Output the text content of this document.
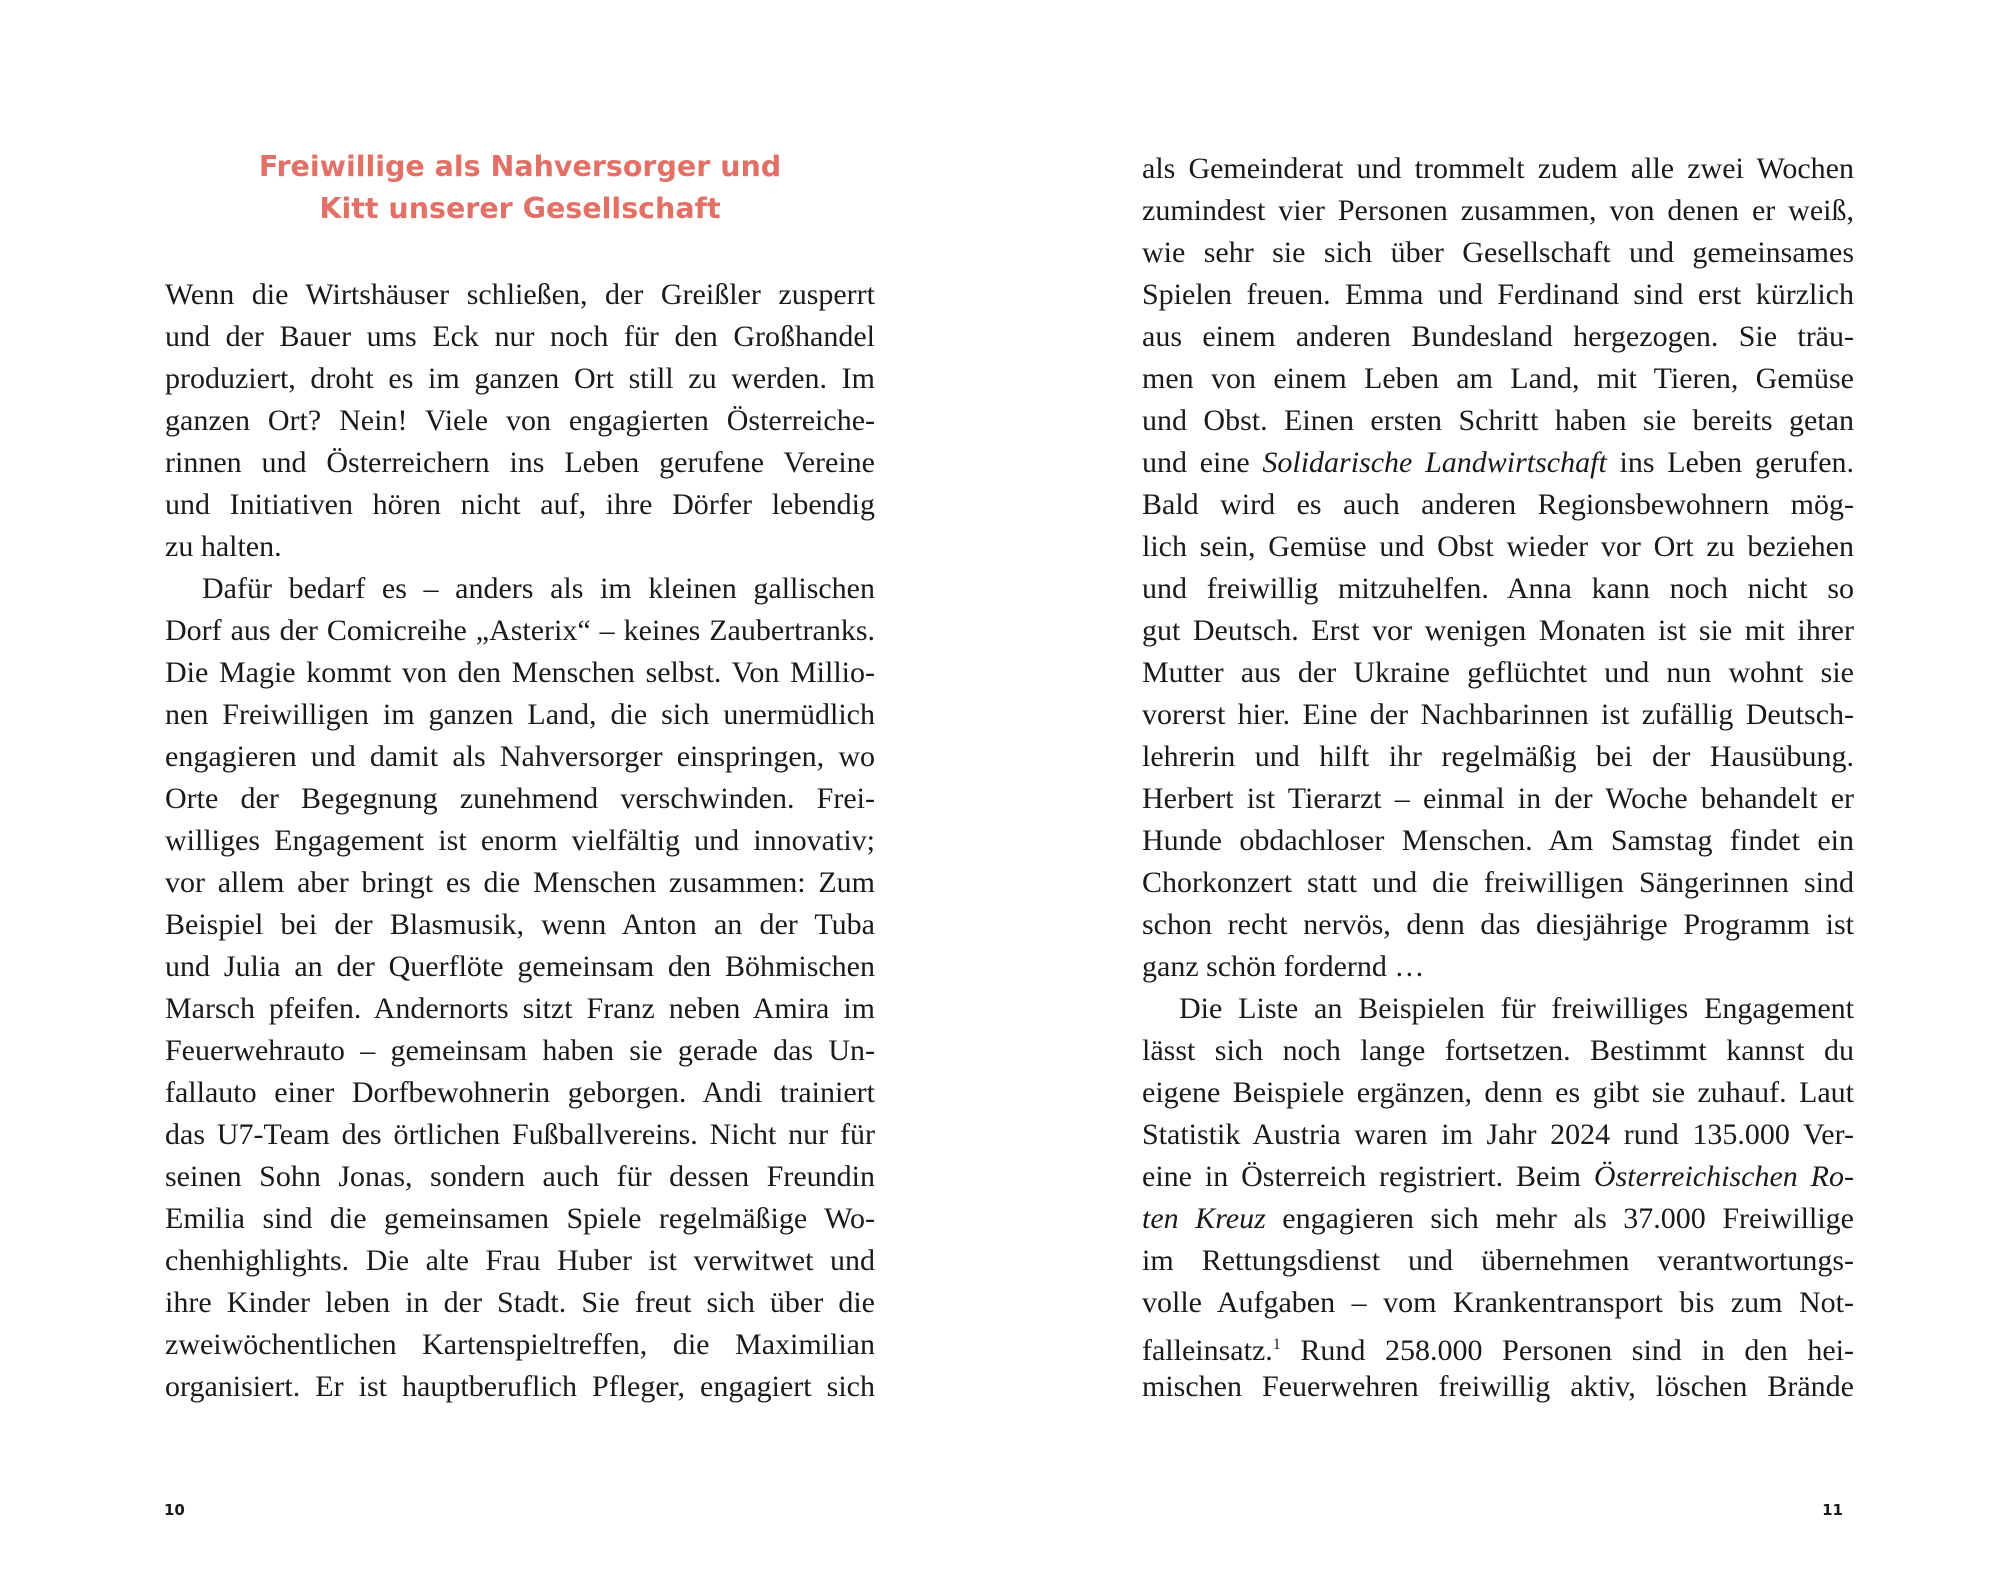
Freiwillige als Nahversorger und
Kitt unserer Gesellschaft
Wenn die Wirtshäuser schließen, der Greißler zusperrt
und der Bauer ums Eck nur noch für den Großhandel
produziert, droht es im ganzen Ort still zu werden. Im
ganzen Ort? Nein! Viele von engagierten Österreiche-
rinnen und Österreichern ins Leben gerufene Vereine
und Initiativen hören nicht auf, ihre Dörfer lebendig
zu halten.
Dafür bedarf es – anders als im kleinen gallischen
Dorf aus der Comicreihe „Asterix“ – keines Zaubertranks.
Die Magie kommt von den Menschen selbst. Von Millio-
nen Freiwilligen im ganzen Land, die sich unermüdlich
engagieren und damit als Nahversorger einspringen, wo
Orte der Begegnung zunehmend verschwinden. Frei-
williges Engagement ist enorm vielfältig und innovativ;
vor allem aber bringt es die Menschen zusammen: Zum
Beispiel bei der Blasmusik, wenn Anton an der Tuba
und Julia an der Querflöte gemeinsam den Böhmischen
Marsch pfeifen. Andernorts sitzt Franz neben Amira im
Feuerwehrauto – gemeinsam haben sie gerade das Un-
fallauto einer Dorfbewohnerin geborgen. Andi trainiert
das U7-Team des örtlichen Fußballvereins. Nicht nur für
seinen Sohn Jonas, sondern auch für dessen Freundin
Emilia sind die gemeinsamen Spiele regelmäßige Wo-
chenhighlights. Die alte Frau Huber ist verwitwet und
ihre Kinder leben in der Stadt. Sie freut sich über die
zweiwöchentlichen Kartenspieltreffen, die Maximilian
organisiert. Er ist hauptberuflich Pfleger, engagiert sich
10
als Gemeinderat und trommelt zudem alle zwei Wochen
zumindest vier Personen zusammen, von denen er weiß,
wie sehr sie sich über Gesellschaft und gemeinsames
Spielen freuen. Emma und Ferdinand sind erst kürzlich
aus einem anderen Bundesland hergezogen. Sie träu-
men von einem Leben am Land, mit Tieren, Gemüse
und Obst. Einen ersten Schritt haben sie bereits getan
und eine Solidarische Landwirtschaft ins Leben gerufen.
Bald wird es auch anderen Regionsbewohnern mög-
lich sein, Gemüse und Obst wieder vor Ort zu beziehen
und freiwillig mitzuhelfen. Anna kann noch nicht so
gut Deutsch. Erst vor wenigen Monaten ist sie mit ihrer
Mutter aus der Ukraine geflüchtet und nun wohnt sie
vorerst hier. Eine der Nachbarinnen ist zufällig Deutsch-
lehrerin und hilft ihr regelmäßig bei der Hausübung.
Herbert ist Tierarzt – einmal in der Woche behandelt er
Hunde obdachloser Menschen. Am Samstag findet ein
Chorkonzert statt und die freiwilligen Sängerinnen sind
schon recht nervös, denn das diesjährige Programm ist
ganz schön fordernd …
Die Liste an Beispielen für freiwilliges Engagement
lässt sich noch lange fortsetzen. Bestimmt kannst du
eigene Beispiele ergänzen, denn es gibt sie zuhauf. Laut
Statistik Austria waren im Jahr 2024 rund 135.000 Ver-
eine in Österreich registriert. Beim Österreichischen Ro-
ten Kreuz engagieren sich mehr als 37.000 Freiwillige
im Rettungsdienst und übernehmen verantwortungs-
volle Aufgaben – vom Krankentransport bis zum Not-
falleinsatz.$^1$ Rund 258.000 Personen sind in den hei-
mischen Feuerwehren freiwillig aktiv, löschen Brände
11
